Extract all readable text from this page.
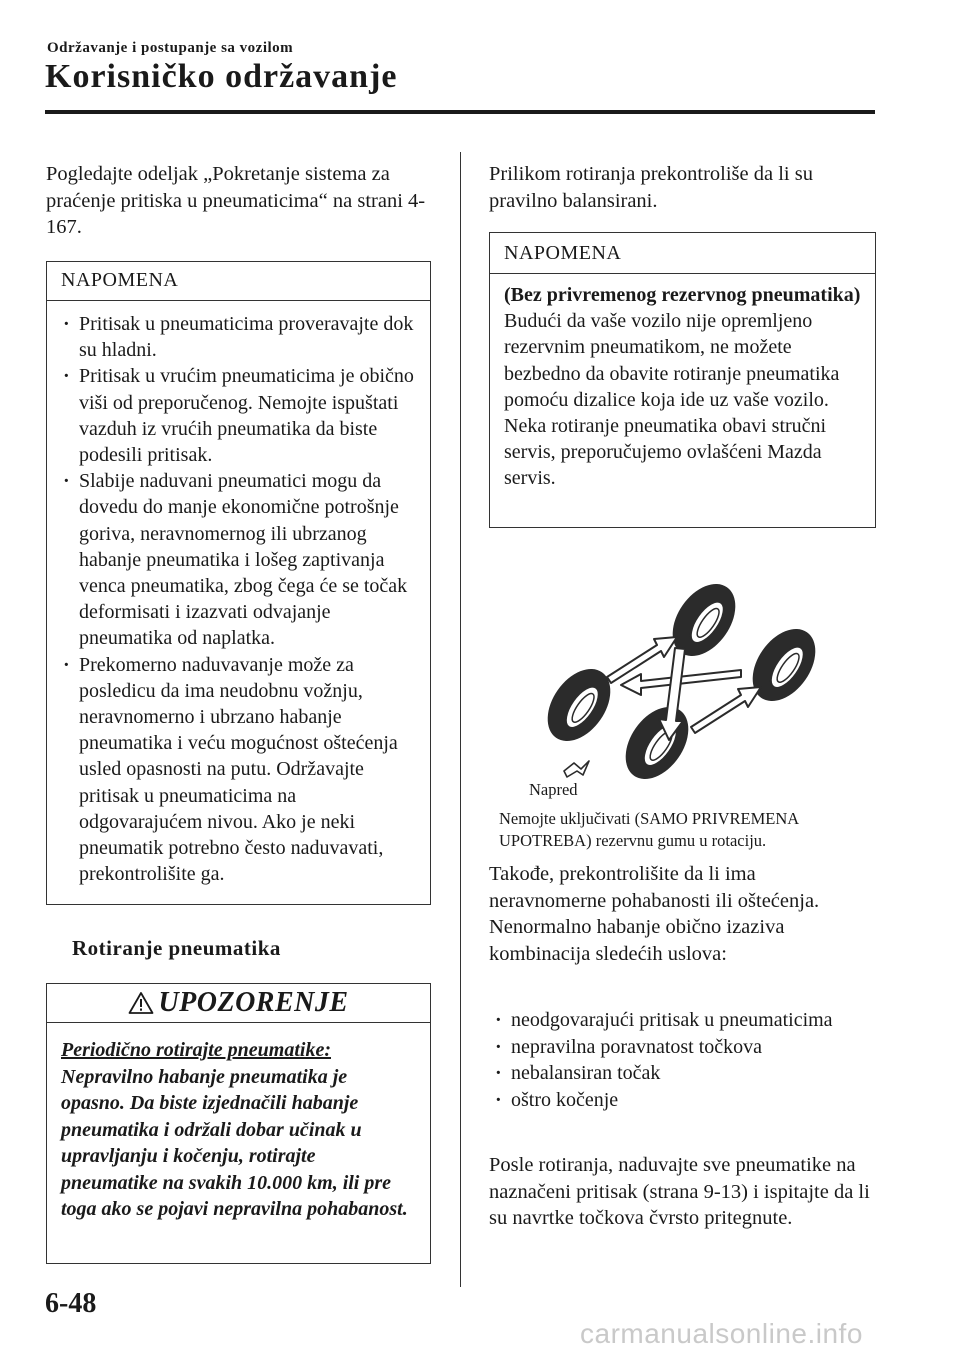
Održavanje i postupanje sa vozilom
Korisničko održavanje
Pogledajte odeljak „Pokretanje sistema za praćenje pritiska u pneumaticima“ na strani 4-167.
NAPOMENA
· Pritisak u pneumaticima proveravajte dok su hladni.
· Pritisak u vrućim pneumaticima je obično viši od preporučenog. Nemojte ispuštati vazduh iz vrućih pneumatika da biste podesili pritisak.
· Slabije naduvani pneumatici mogu da dovedu do manje ekonomične potrošnje goriva, neravnomernog ili ubrzanog habanje pneumatika i lošeg zaptivanja venca pneumatika, zbog čega će se točak deformisati i izazvati odvajanje pneumatika od naplatka.
· Prekomerno naduvavanje može za posledicu da ima neudobnu vožnju, neravnomerno i ubrzano habanje pneumatika i veću mogućnost oštećenja usled opasnosti na putu. Održavajte pritisak u pneumaticima na odgovarajućem nivou. Ako je neki pneumatik potrebno često naduvavati, prekontrolišite ga.
Rotiranje pneumatika
UPOZORENJE
Periodično rotirajte pneumatike:
Nepravilno habanje pneumatika je opasno. Da biste izjednačili habanje pneumatika i održali dobar učinak u upravljanju i kočenju, rotirajte pneumatike na svakih 10.000 km, ili pre toga ako se pojavi nepravilna pohabanost.
Prilikom rotiranja prekontroliše da li su pravilno balansirani.
NAPOMENA
(Bez privremenog rezervnog pneumatika)
Budući da vaše vozilo nije opremljeno rezervnim pneumatikom, ne možete bezbedno da obavite rotiranje pneumatika pomoću dizalice koja ide uz vaše vozilo. Neka rotiranje pneumatika obavi stručni servis, preporučujemo ovlašćeni Mazda servis.
Napred
Nemojte uključivati (SAMO PRIVREMENA UPOTREBA) rezervnu gumu u rotaciju.
Takođe, prekontrolišite da li ima neravnomerne pohabanosti ili oštećenja. Nenormalno habanje obično izaziva kombinacija sledećih uslova:
· neodgovarajući pritisak u pneumaticima
· nepravilna poravnatost točkova
· nebalansiran točak
· oštro kočenje
Posle rotiranja, naduvajte sve pneumatike na naznačeni pritisak (strana 9-13) i ispitajte da li su navrtke točkova čvrsto pritegnute.
6-48
carmanualsonline.info
